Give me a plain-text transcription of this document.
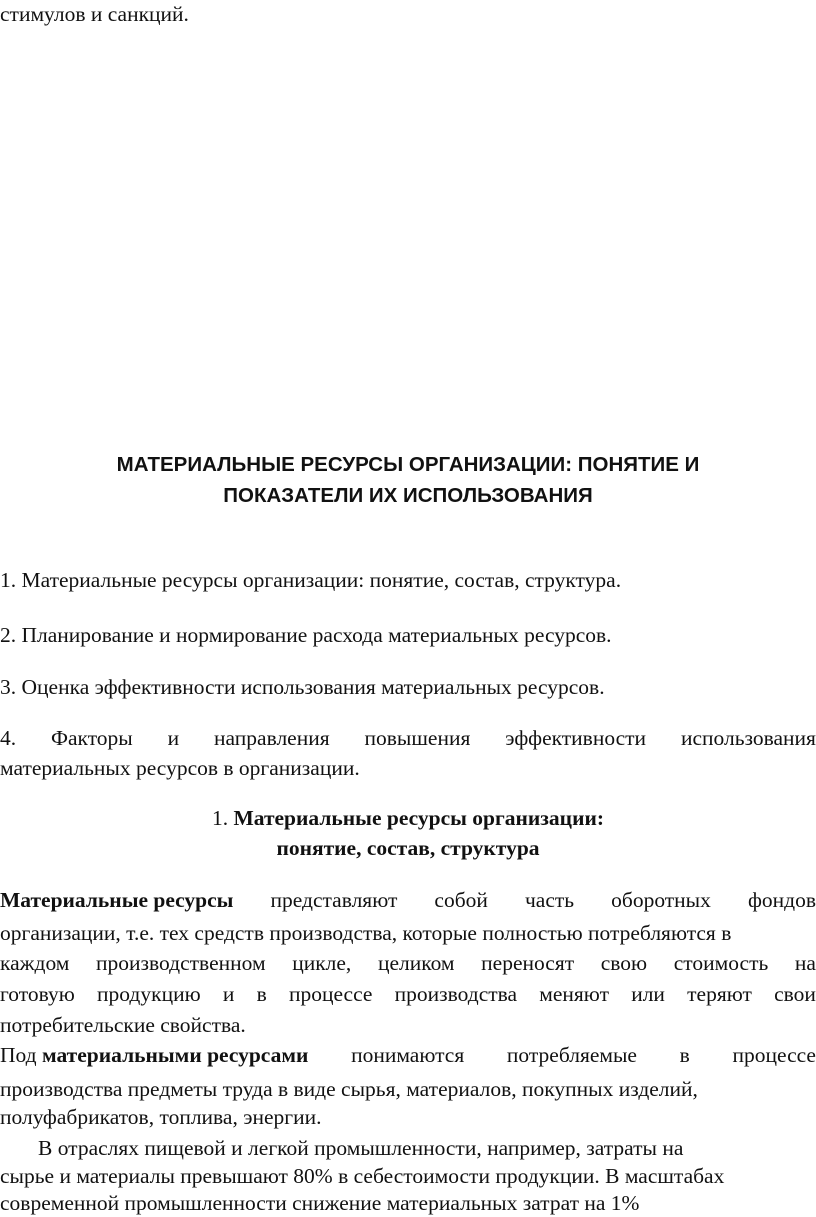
стимулов и санкций.
МАТЕРИАЛЬНЫЕ РЕСУРСЫ ОРГАНИЗАЦИИ: ПОНЯТИЕ И
ПОКАЗАТЕЛИ ИХ ИСПОЛЬЗОВАНИЯ
1. Материальные ресурсы организации: понятие, состав, структура.
2. Планирование и нормирование расхода материальных ресурсов.
3. Оценка эффективности использования материальных ресурсов.
4. Факторы и направления повышения эффективности использования
материальных ресурсов в организации.
1. Материальные ресурсы организации:
понятие, состав, структура
Материальные ресурсы представляют собой часть оборотных фондов
организации, т.е. тех средств производства, которые полностью потребляются в
каждом производственном цикле, целиком переносят свою стоимость на
готовую продукцию и в процессе производства меняют или теряют свои
потребительские свойства.
Под материальными ресурсами понимаются потребляемые в процессе
производства предметы труда в виде сырья, материалов, покупных изделий,
полуфабрикатов, топлива, энергии.
В отраслях пищевой и легкой промышленности, например, затраты на
сырье и материалы превышают 80% в себестоимости продукции. В масштабах
современной промышленности снижение материальных затрат на 1%
